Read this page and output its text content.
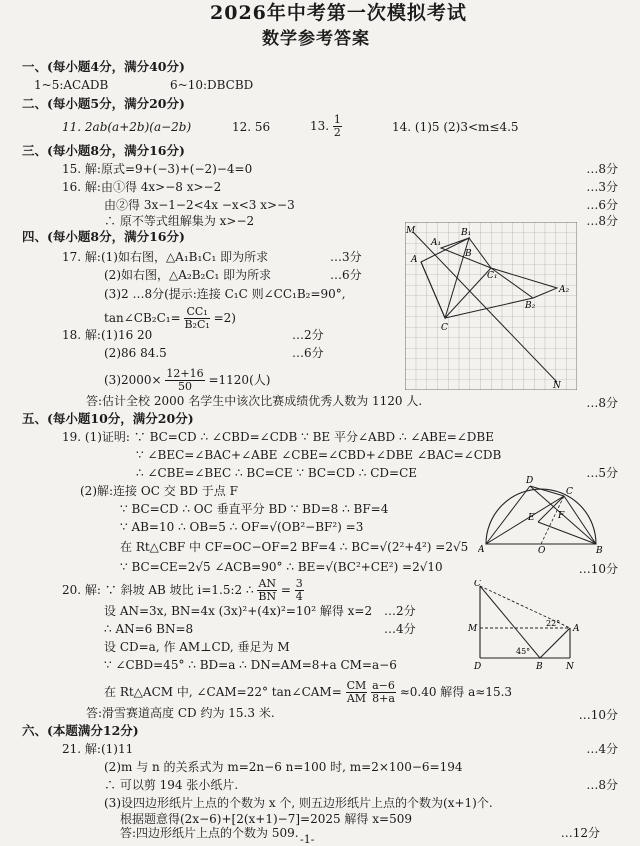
2026年中考第一次模拟考试
数学参考答案
一、(每小题4分，满分40分)
1~5:ACADB	6~10:DBCBD
二、(每小题5分，满分20分)
11. 2ab(a+2b)(a−2b)	12. 56	13. $\frac{1}{2}$	14. (1)5 (2)3<m≤4.5
三、(每小题8分，满分16分)
15. 解:原式=9+(−3)+(−2)−4=0	…8分
16. 解:由①得 4x>−8 x>−2	…3分
由②得 3x−1−2<4x −x<3 x>−3	…6分
∴ 原不等式组解集为 x>−2	…8分
四、(每小题8分，满分16分)
17. 解:(1)如右图，△A₁B₁C₁ 即为所求	…3分
(2)如右图，△A₂B₂C₁ 即为所求	…6分
(3)2 …8分(提示:连接 C₁C 则∠CC₁B₂=90°,
tan∠CB₂C₁= $\frac{\text{CC₁}}{\text{B₂C₁}} =2$)
18. 解:(1)16 20	…2分
(2)86 84.5	…6分
$(3)2000\times \frac{12+16}{50} =1120$(人)
答:估计全校 2000 名学生中该次比赛成绩优秀人数为 1120 人.	…8分
M
A₁
B₁
A
C₁
B
B₂
A₂
C
N
五、(每小题10分，满分20分)
19. (1)证明: ∵ BC=CD ∴ ∠CBD=∠CDB ∵ BE 平分∠ABD ∴ ∠ABE=∠DBE
∵ ∠BEC=∠BAC+∠ABE ∠CBE=∠CBD+∠DBE ∠BAC=∠CDB
∴ ∠CBE=∠BEC ∴ BC=CE ∵ BC=CD ∴ CD=CE	…5分
(2)解:连接 OC 交 BD 于点 F
∵ BC=CD ∴ OC 垂直平分 BD ∵ BD=8 ∴ BF=4
∵ AB=10 ∴ OB=5 ∴ OF=√(OB²−BF²) =3
在 Rt△CBF 中 CF=OC−OF=2 BF=4 ∴ BC=√(2²+4²) =2√5
∵ BC=CE=2√5 ∠ACB=90° ∴ BE=√(BC²+CE²) =2√10	…10分
D
C
E	F
A	O	B
20. 解: ∵ 斜坡 AB 坡比 i=1.5:2 ∴ $\frac{AN}{BN} = \frac{3}{4}$
设 AN=3x, BN=4x (3x)²+(4x)²=10² 解得 x=2 …2分
∴ AN=6 BN=8	…4分
设 CD=a, 作 AM⊥CD, 垂足为 M
∵ ∠CBD=45° ∴ BD=a ∴ DN=AM=8+a CM=a−6
在 Rt△ACM 中, ∠CAM=22° tan∠CAM= $\frac{CM}{AM}$
$\frac{a-6}{8+a} \approx 0.40$ 解得 a≈15.3
答:滑雪赛道高度 CD 约为 15.3 米.	…10分
C
M
22°
A
45°
D	B	N
六、(本题满分12分)
21. 解:(1)11	…4分
(2)m 与 n 的关系式为 m=2n−6 n=100 时, m=2×100−6=194
∴ 可以剪 194 张小纸片.	…8分
(3)设四边形纸片上点的个数为 x 个, 则五边形纸片上点的个数为(x+1)个.
根据题意得(2x−6)+[2(x+1)−7]=2025 解得 x=509
答:四边形纸片上点的个数为 509.	…12分
-1-
